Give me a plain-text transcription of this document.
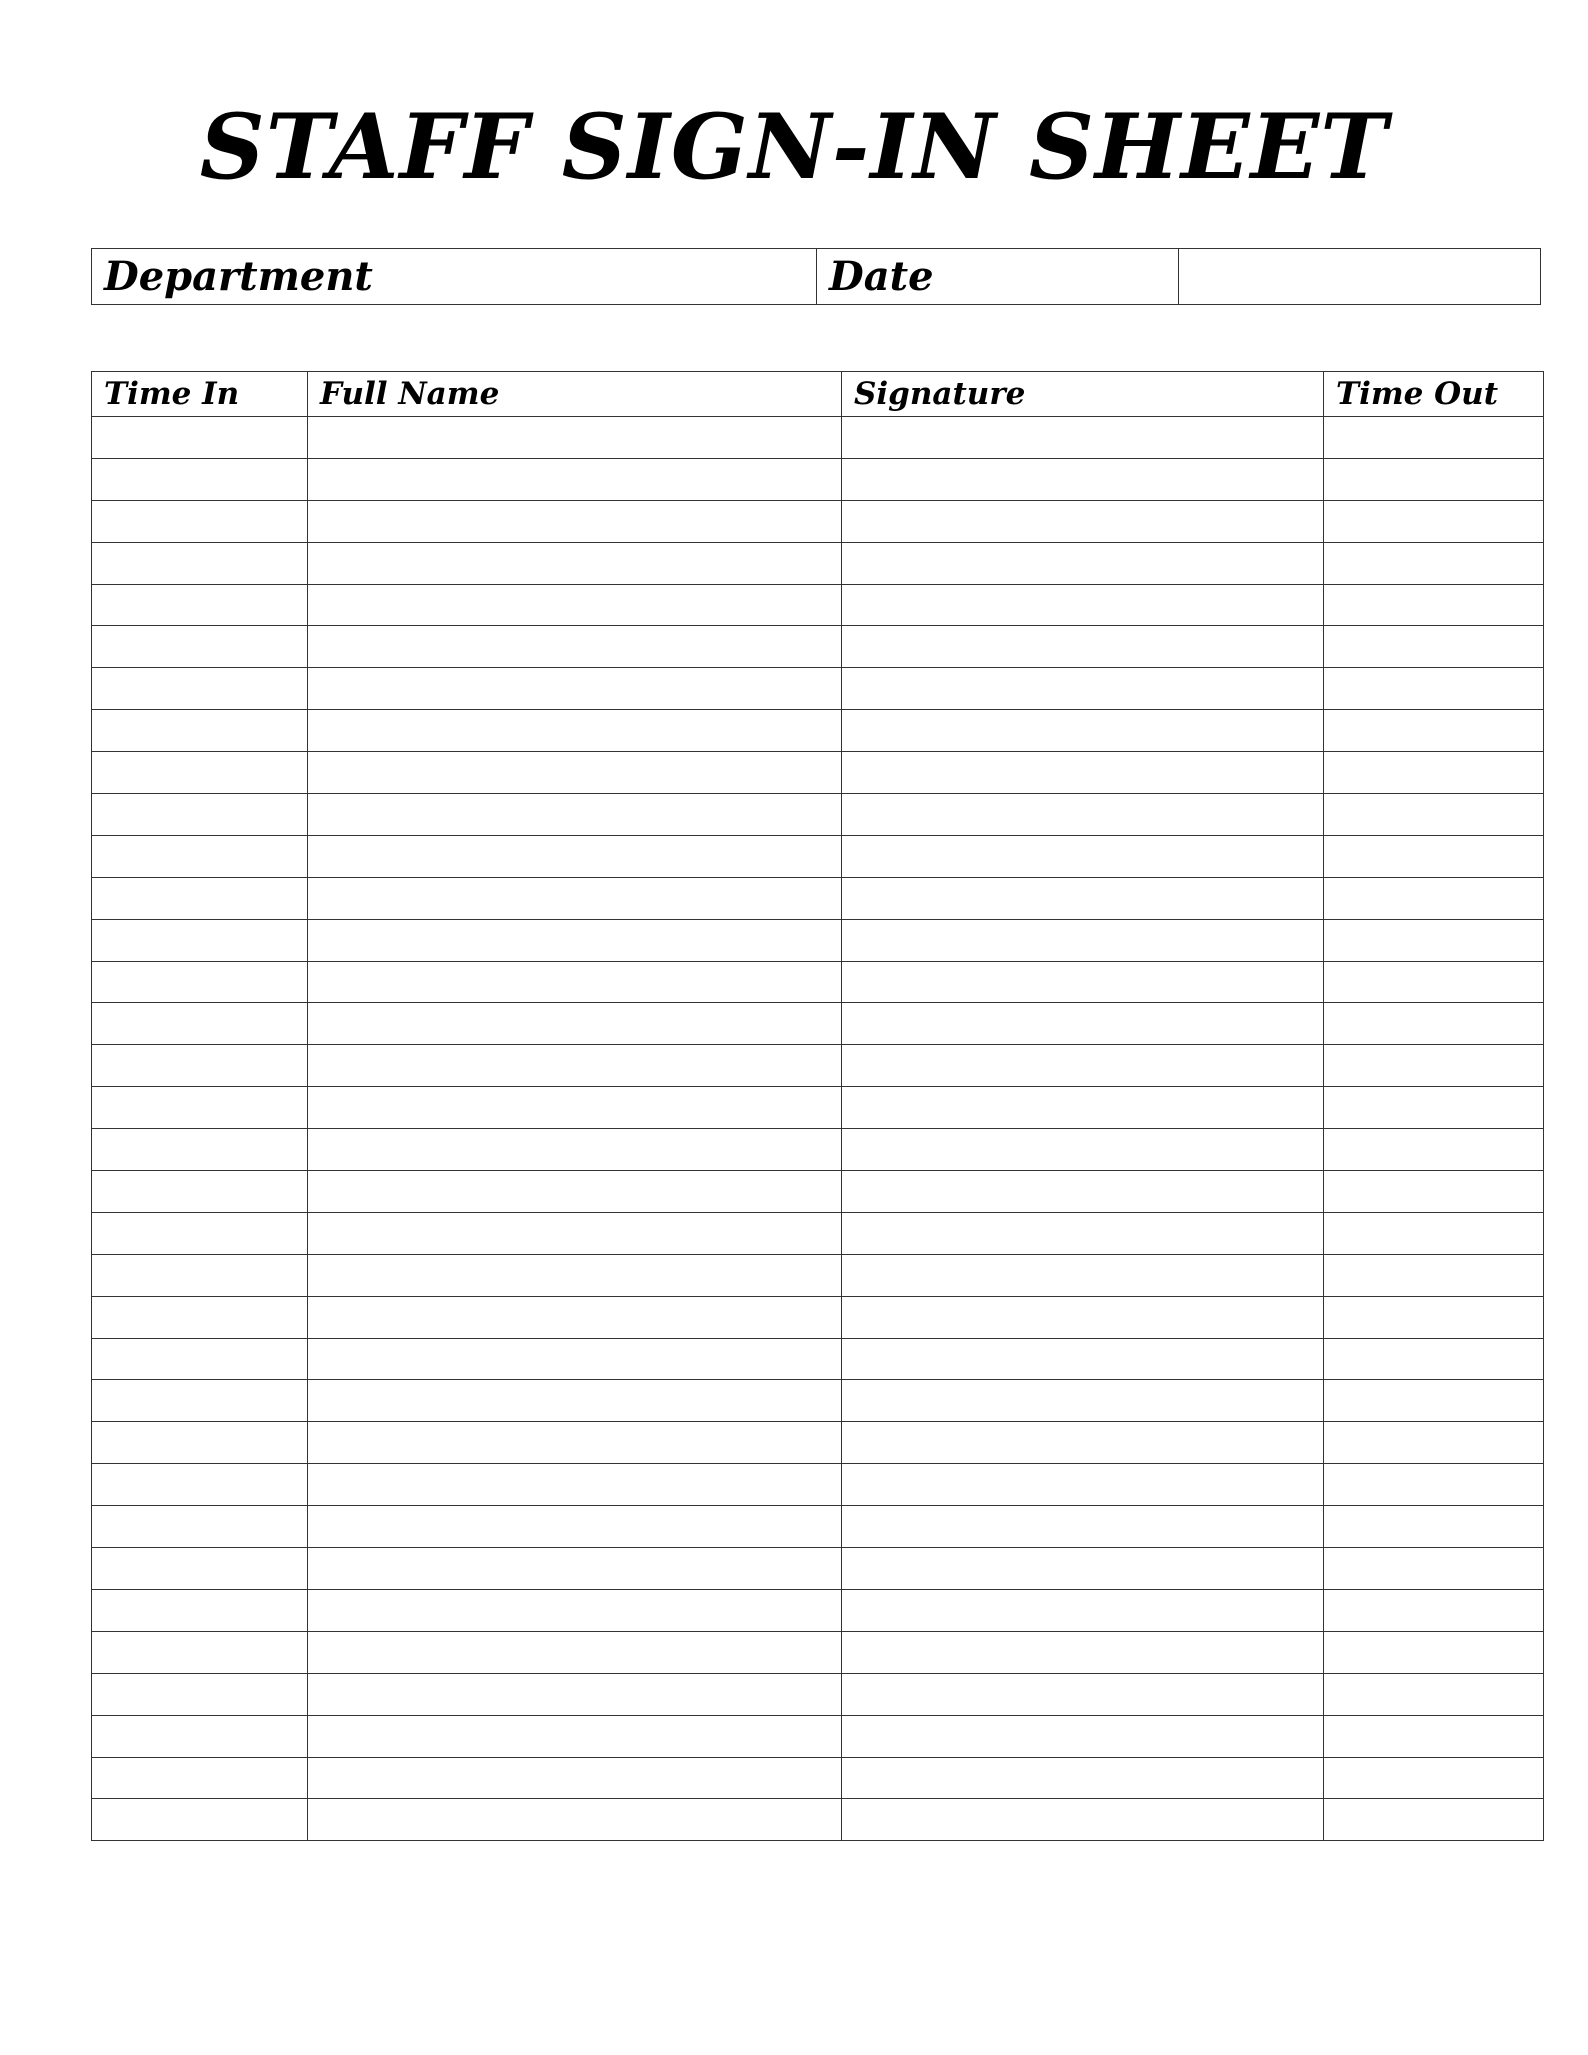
STAFF SIGN-IN SHEET
Department	Date	
Time In	Full Name	Signature	Time Out
